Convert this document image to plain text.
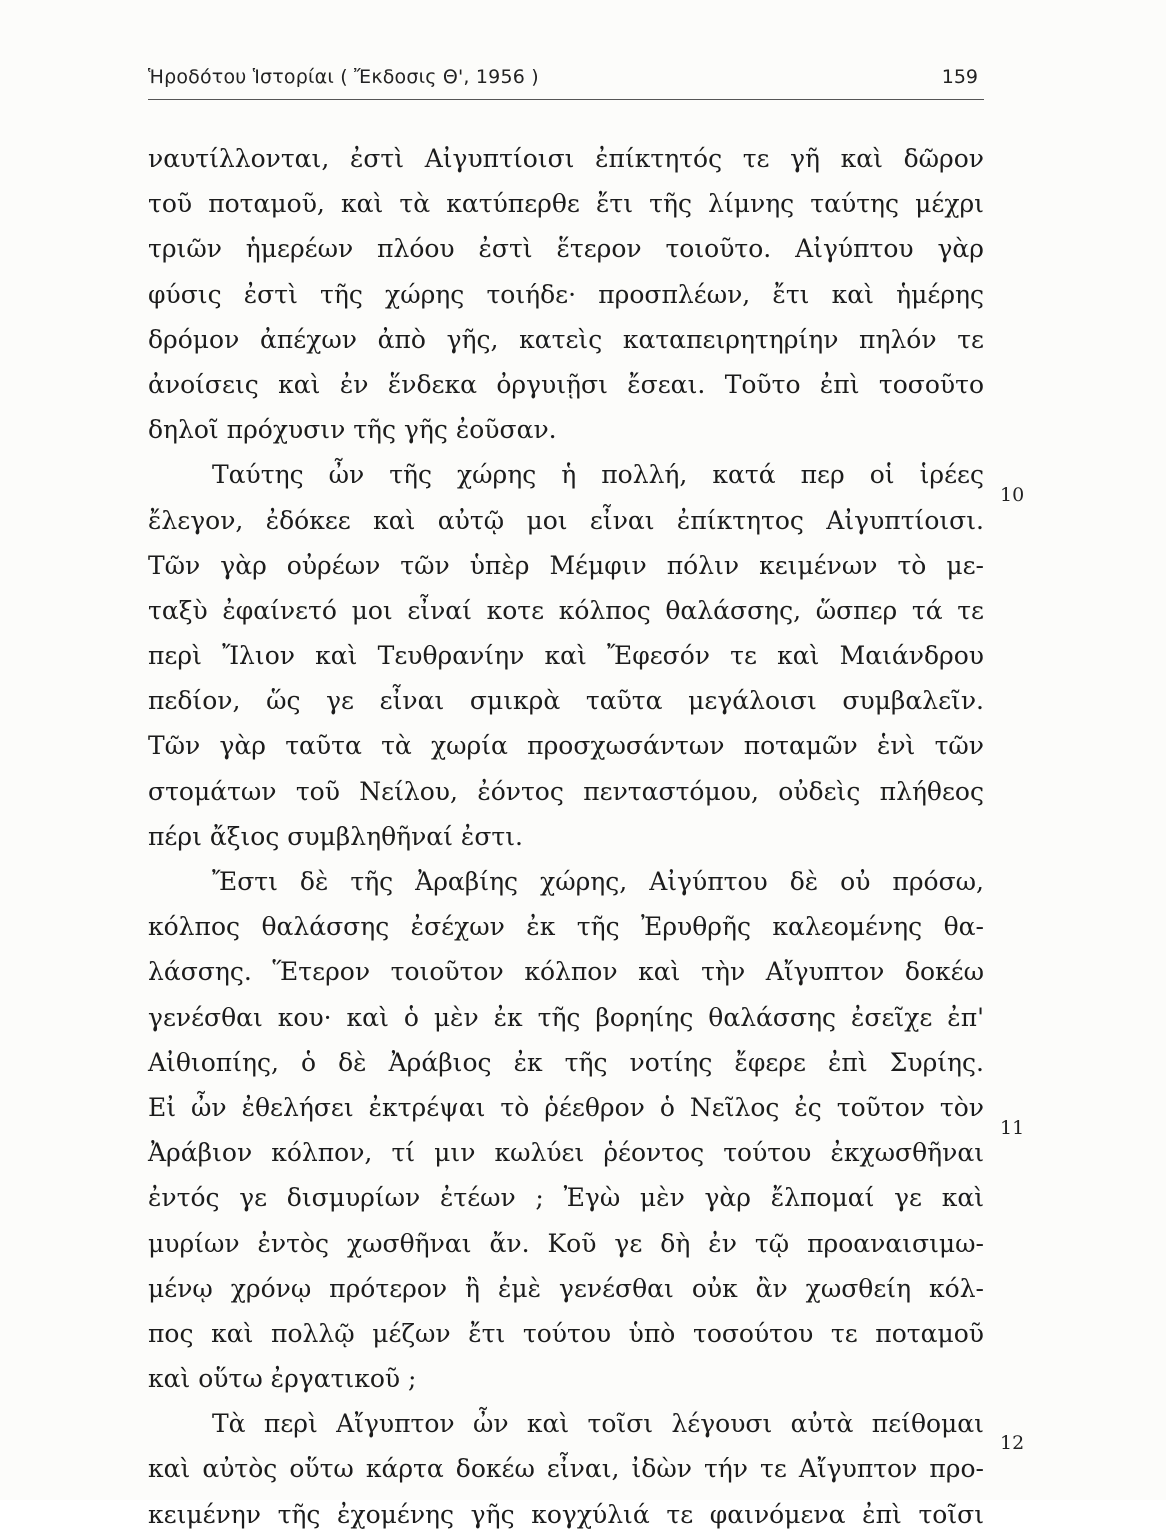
Ἡροδότου Ἱστορίαι ( Ἔκδοσις Θ', 1956 )	159
ναυτίλλονται, ἐστὶ Αἰγυπτίοισι ἐπίκτητός τε γῆ καὶ δῶρον
τοῦ ποταμοῦ, καὶ τὰ κατύπερθε ἔτι τῆς λίμνης ταύτης μέχρι
τριῶν ἡμερέων πλόου ἐστὶ ἕτερον τοιοῦτο. Αἰγύπτου γὰρ
φύσις ἐστὶ τῆς χώρης τοιήδε· προσπλέων, ἔτι καὶ ἡμέρης
δρόμον ἀπέχων ἀπὸ γῆς, κατεὶς καταπειρητηρίην πηλόν τε
ἀνοίσεις καὶ ἐν ἕνδεκα ὀργυιῇσι ἔσεαι. Τοῦτο ἐπὶ τοσοῦτο
δηλοῖ πρόχυσιν τῆς γῆς ἐοῦσαν.
Ταύτης ὦν τῆς χώρης ἡ πολλή, κατά περ οἱ ἱρέες
ἔλεγον, ἐδόκεε καὶ αὐτῷ μοι εἶναι ἐπίκτητος Αἰγυπτίοισι.
Τῶν γὰρ οὐρέων τῶν ὑπὲρ Μέμφιν πόλιν κειμένων τὸ με-
ταξὺ ἐφαίνετό μοι εἶναί κοτε κόλπος θαλάσσης, ὥσπερ τά τε
περὶ Ἴλιον καὶ Τευθρανίην καὶ Ἔφεσόν τε καὶ Μαιάνδρου
πεδίον, ὥς γε εἶναι σμικρὰ ταῦτα μεγάλοισι συμβαλεῖν.
Τῶν γὰρ ταῦτα τὰ χωρία προσχωσάντων ποταμῶν ἑνὶ τῶν
στομάτων τοῦ Νείλου, ἐόντος πενταστόμου, οὐδεὶς πλήθεος
πέρι ἄξιος συμβληθῆναί ἐστι.
Ἔστι δὲ τῆς Ἀραβίης χώρης, Αἰγύπτου δὲ οὐ πρόσω,
κόλπος θαλάσσης ἐσέχων ἐκ τῆς Ἐρυθρῆς καλεομένης θα-
λάσσης. Ἕτερον τοιοῦτον κόλπον καὶ τὴν Αἴγυπτον δοκέω
γενέσθαι κου· καὶ ὁ μὲν ἐκ τῆς βορηίης θαλάσσης ἐσεῖχε ἐπ'
Αἰθιοπίης, ὁ δὲ Ἀράβιος ἐκ τῆς νοτίης ἔφερε ἐπὶ Συρίης.
Εἰ ὦν ἐθελήσει ἐκτρέψαι τὸ ῥέεθρον ὁ Νεῖλος ἐς τοῦτον τὸν
Ἀράβιον κόλπον, τί μιν κωλύει ῥέοντος τούτου ἐκχωσθῆναι
ἐντός γε δισμυρίων ἐτέων ; Ἐγὼ μὲν γὰρ ἔλπομαί γε καὶ
μυρίων ἐντὸς χωσθῆναι ἄν. Κοῦ γε δὴ ἐν τῷ προαναισιμω-
μένῳ χρόνῳ πρότερον ἢ ἐμὲ γενέσθαι οὐκ ἂν χωσθείη κόλ-
πος καὶ πολλῷ μέζων ἔτι τούτου ὑπὸ τοσούτου τε ποταμοῦ
καὶ οὕτω ἐργατικοῦ ;
Τὰ περὶ Αἴγυπτον ὦν καὶ τοῖσι λέγουσι αὐτὰ πείθομαι
καὶ αὐτὸς οὕτω κάρτα δοκέω εἶναι, ἰδὼν τήν τε Αἴγυπτον προ-
κειμένην τῆς ἐχομένης γῆς κογχύλιά τε φαινόμενα ἐπὶ τοῖσι
10
11
12
